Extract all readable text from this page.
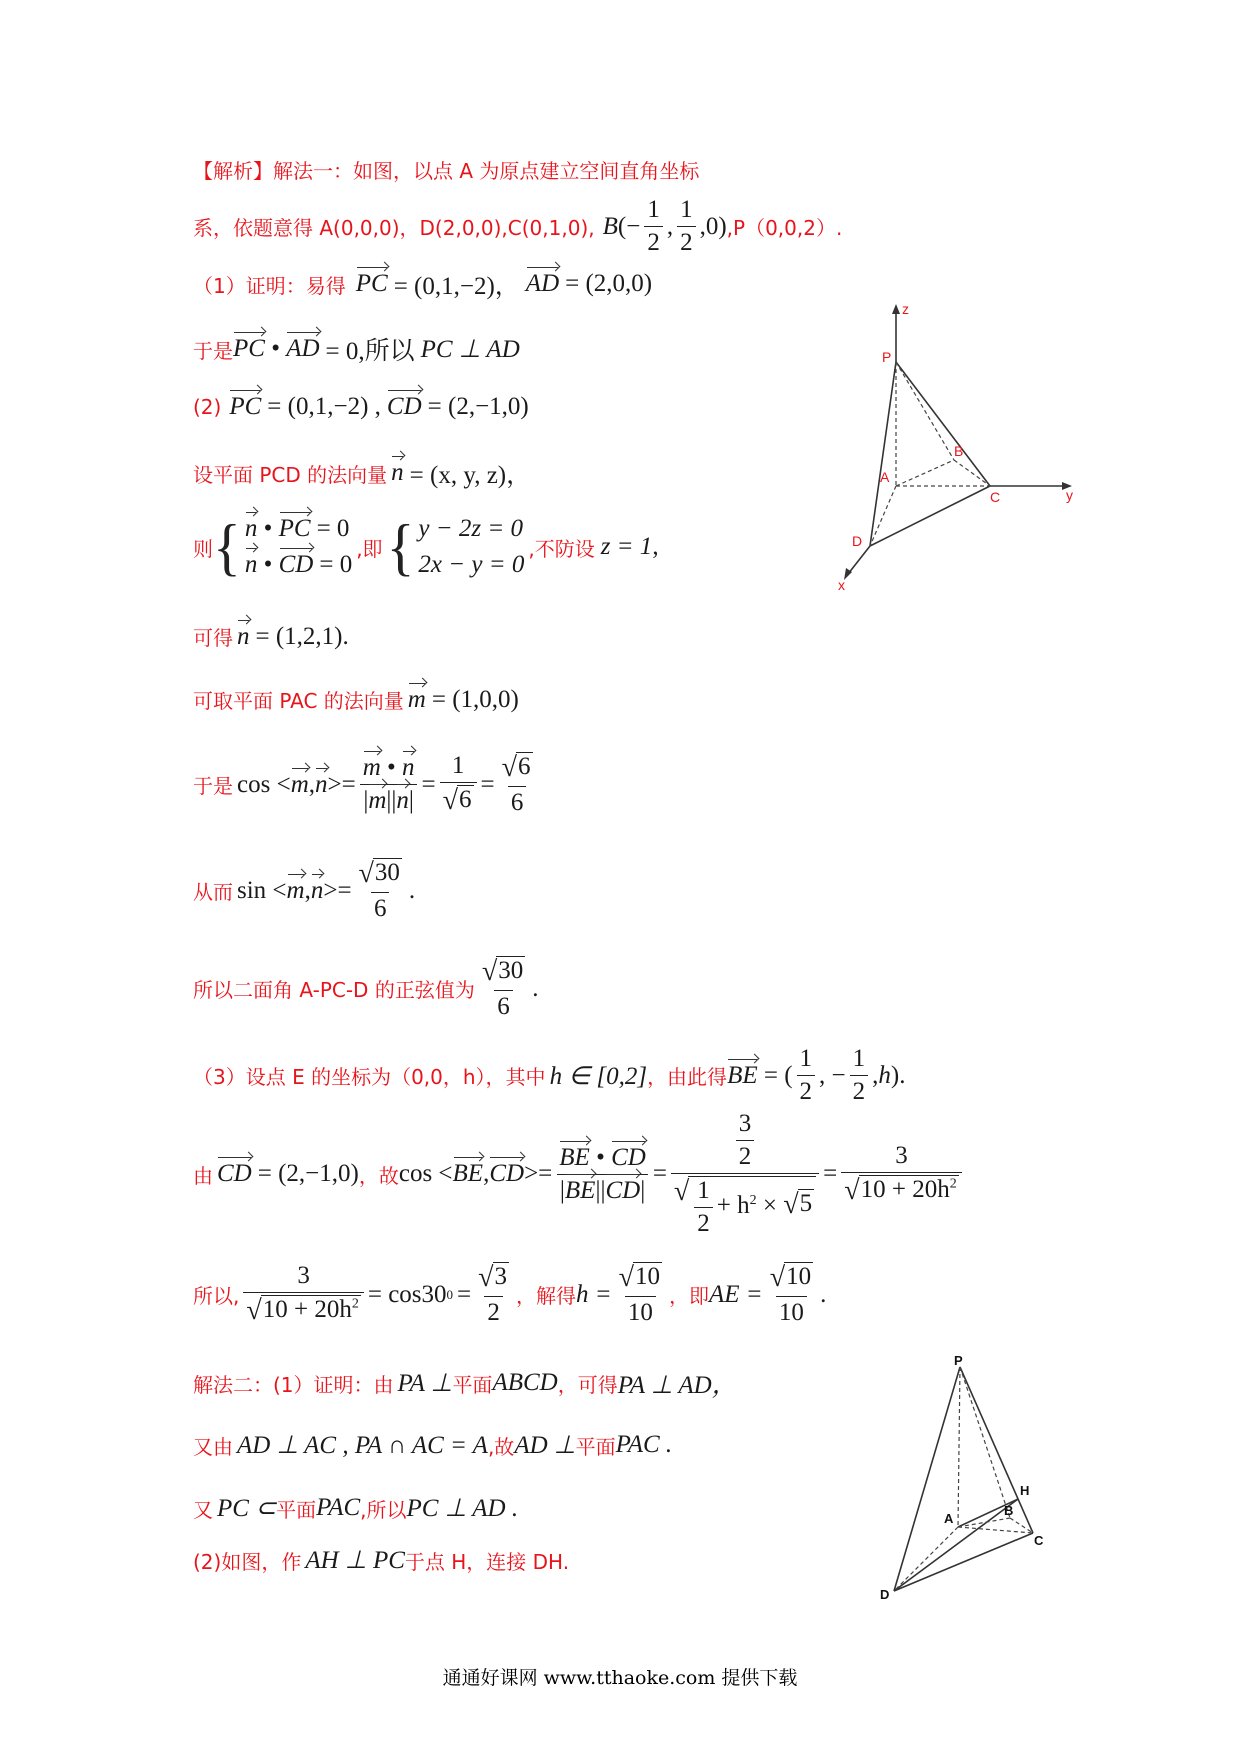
【解析】 解法一：如图，以点 A 为原点建立空间直角坐标
系，依题意得 A(0,0,0)，D(2,0,0),C(0,1,0), B (− $\frac{1}{2}$ , $\frac{1}{2} ,0$) ,P（0,0,2）.
（1）证明：易得 PC = (0,1,−2)， AD = (2,0,0)
于是 PC • AD = 0,所以 PC ⊥ AD
(2) PC = (0,1,−2) , CD = (2,−1,0)
设平面 PCD 的法向量 n = (x, y, z)，
则 { n • PC = 0
n • CD = 0
,即 { y − 2z = 0
2x − y = 0
,不防设 z = 1 ,
可得 n = (1,2,1).
可取平面 PAC 的法向量 m = (1,0,0)
于是 cos < m , $n >= \frac{m • n}{|m||n|} = \frac{1}{√ 6} = \frac{√ 6}{6}$
从而 sin < m , $n >= \frac{√ 30}{6}$ .
所以二面角 A-PC-D 的正弦值为 $\frac{√ 30}{6}$ .
（3）设点 E 的坐标为（0,0，h），其中 h ∈ [0,2] ，由此得 BE = ( $\frac{1}{2}$ , − $\frac{1}{2}$ , h ).
由 CD = (2,−1,0) ，故 cos < BE , CD >= $\frac{BE • CD}{|BE||CD|} = \frac{\frac{3}{2}}{√ \frac{1}{2} + h^2 \times √ 5} = \frac{3}{√ 10 + 20h^2}$
所以, $\frac{3}{√ 10 + 20h^2} = \cos 30$ $0 = \frac{√ 3}{2}$ ，解得 $h = \frac{√ 10}{10}$ ，即 AE = $\frac{√ 10}{10}$ .
解法二：(1）证明：由 PA ⊥ 平面 ABCD ，可得 PA ⊥ AD，
又由 AD ⊥ AC , PA ∩ AC = A ,故 AD ⊥ 平面 PAC .
又 PC ⊂ 平面 PAC ,所以 PC ⊥ AD .
(2)如图，作 AH ⊥ PC 于点 H，连接 DH.
z
y
x
P
B
A
C
D
P
H
B
A
C
D
通通好课网 www.tthaoke.com 提供下载
